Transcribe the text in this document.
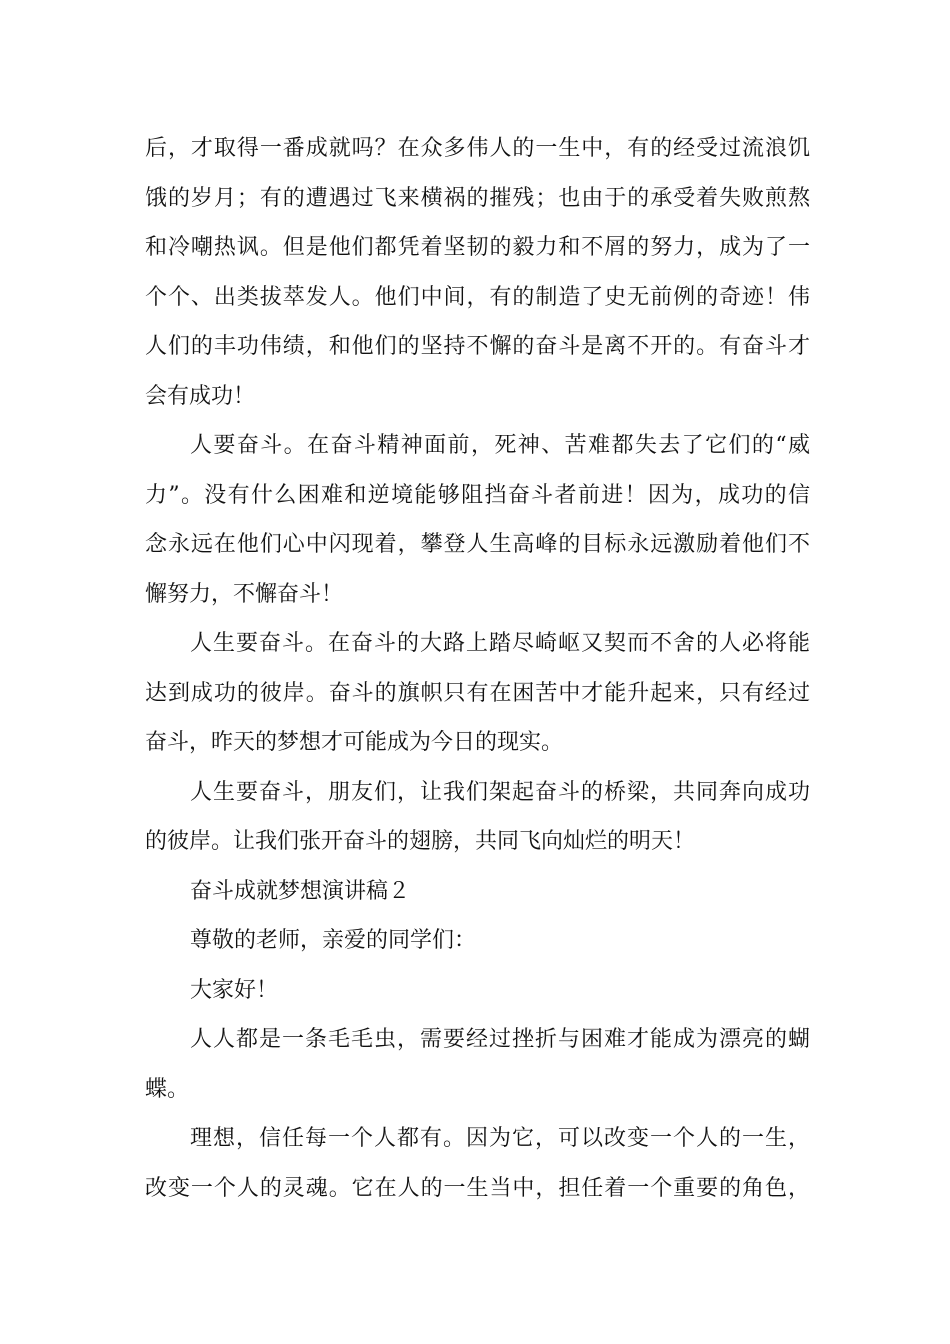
后，才取得一番成就吗？在众多伟人的一生中，有的经受过流浪饥
饿的岁月；有的遭遇过飞来横祸的摧残；也由于的承受着失败煎熬
和冷嘲热讽。但是他们都凭着坚韧的毅力和不屑的努力，成为了一
个个、出类拔萃发人。他们中间，有的制造了史无前例的奇迹！伟
人们的丰功伟绩，和他们的坚持不懈的奋斗是离不开的。有奋斗才
会有成功！
人要奋斗。在奋斗精神面前，死神、苦难都失去了它们的“威
力”。没有什么困难和逆境能够阻挡奋斗者前进！因为，成功的信
念永远在他们心中闪现着，攀登人生高峰的目标永远激励着他们不
懈努力，不懈奋斗！
人生要奋斗。在奋斗的大路上踏尽崎岖又契而不舍的人必将能
达到成功的彼岸。奋斗的旗帜只有在困苦中才能升起来，只有经过
奋斗，昨天的梦想才可能成为今日的现实。
人生要奋斗，朋友们，让我们架起奋斗的桥梁，共同奔向成功
的彼岸。让我们张开奋斗的翅膀，共同飞向灿烂的明天！
奋斗成就梦想演讲稿２
尊敬的老师，亲爱的同学们：
大家好！
人人都是一条毛毛虫，需要经过挫折与困难才能成为漂亮的蝴
蝶。
理想，信任每一个人都有。因为它，可以改变一个人的一生，
改变一个人的灵魂。它在人的一生当中，担任着一个重要的角色，
